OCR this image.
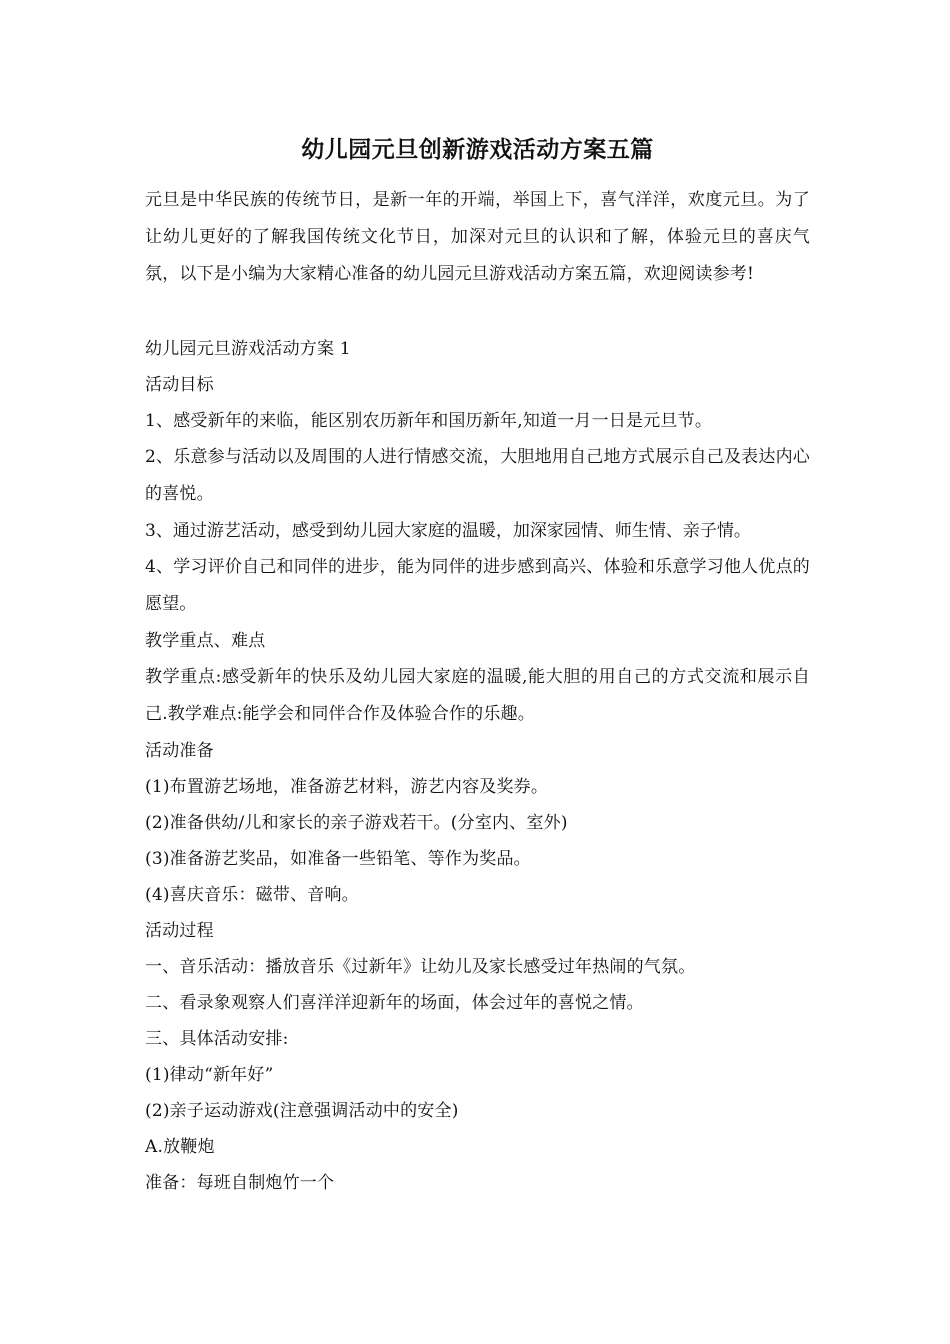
幼儿园元旦创新游戏活动方案五篇

元旦是中华民族的传统节日，是新一年的开端，举国上下，喜气洋洋，欢度元旦。为了让幼儿更好的了解我国传统文化节日，加深对元旦的认识和了解，体验元旦的喜庆气氛，以下是小编为大家精心准备的幼儿园元旦游戏活动方案五篇，欢迎阅读参考!

幼儿园元旦游戏活动方案 1

活动目标

1、感受新年的来临，能区别农历新年和国历新年,知道一月一日是元旦节。

2、乐意参与活动以及周围的人进行情感交流，大胆地用自己地方式展示自己及表达内心的喜悦。

3、通过游艺活动，感受到幼儿园大家庭的温暖，加深家园情、师生情、亲子情。

4、学习评价自己和同伴的进步，能为同伴的进步感到高兴、体验和乐意学习他人优点的愿望。

教学重点、难点

教学重点:感受新年的快乐及幼儿园大家庭的温暖,能大胆的用自己的方式交流和展示自己.教学难点:能学会和同伴合作及体验合作的乐趣。

活动准备

(1)布置游艺场地，准备游艺材料，游艺内容及奖券。

(2)准备供幼/儿和家长的亲子游戏若干。(分室内、室外)

(3)准备游艺奖品，如准备一些铅笔、等作为奖品。

(4)喜庆音乐：磁带、音响。

活动过程

一、音乐活动：播放音乐《过新年》让幼儿及家长感受过年热闹的气氛。

二、看录象观察人们喜洋洋迎新年的场面，体会过年的喜悦之情。

三、具体活动安排:

(1)律动“新年好”

(2)亲子运动游戏(注意强调活动中的安全)

A.放鞭炮

准备：每班自制炮竹一个
